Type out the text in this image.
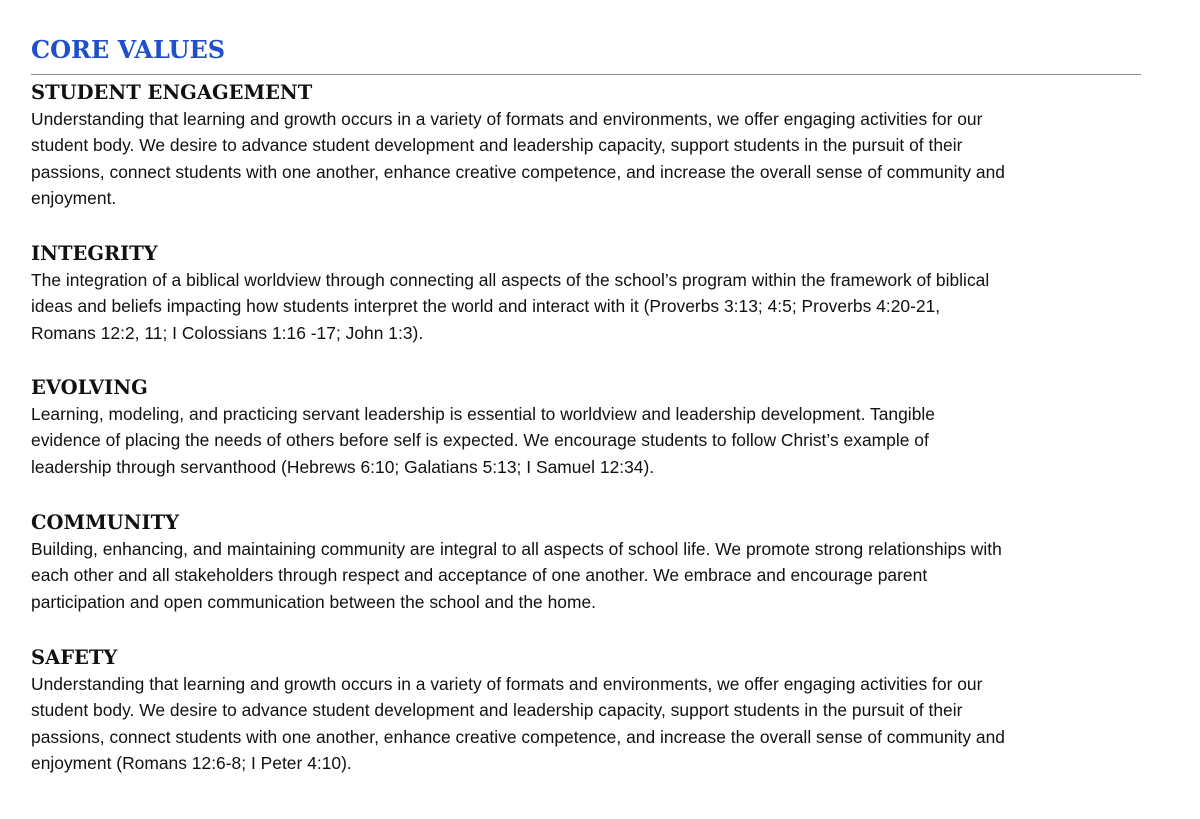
CORE VALUES
STUDENT ENGAGEMENT

Understanding that learning and growth occurs in a variety of formats and environments, we offer engaging activities for our
student body. We desire to advance student development and leadership capacity, support students in the pursuit of their
passions, connect students with one another, enhance creative competence, and increase the overall sense of community and
enjoyment.

INTEGRITY

The integration of a biblical worldview through connecting all aspects of the school’s program within the framework of biblical
ideas and beliefs impacting how students interpret the world and interact with it (Proverbs 3:13; 4:5; Proverbs 4:20-21,
Romans 12:2, 11; I Colossians 1:16 -17; John 1:3).

EVOLVING

Learning, modeling, and practicing servant leadership is essential to worldview and leadership development. Tangible
evidence of placing the needs of others before self is expected. We encourage students to follow Christ’s example of
leadership through servanthood (Hebrews 6:10; Galatians 5:13; I Samuel 12:34).

COMMUNITY

Building, enhancing, and maintaining community are integral to all aspects of school life. We promote strong relationships with
each other and all stakeholders through respect and acceptance of one another. We embrace and encourage parent
participation and open communication between the school and the home.

SAFETY

Understanding that learning and growth occurs in a variety of formats and environments, we offer engaging activities for our
student body. We desire to advance student development and leadership capacity, support students in the pursuit of their
passions, connect students with one another, enhance creative competence, and increase the overall sense of community and
enjoyment (Romans 12:6-8; I Peter 4:10).
